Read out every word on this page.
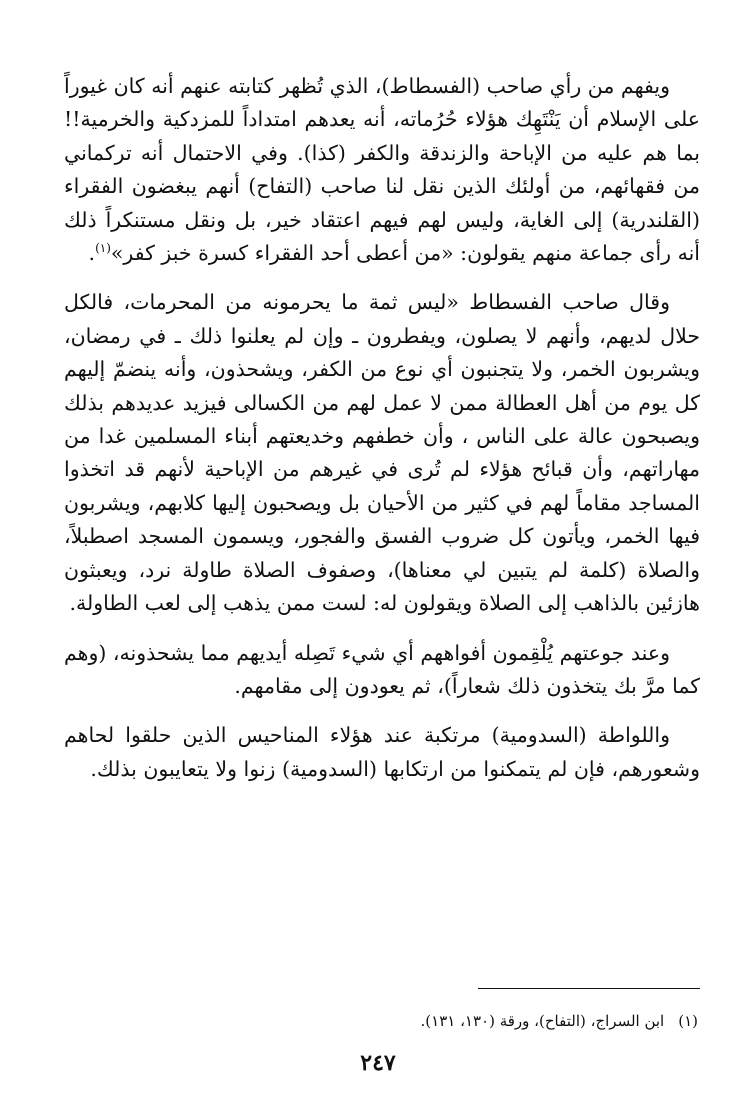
ويفهم من رأي صاحب (الفسطاط)، الذي تُظهر كتابته عنهم أنه كان غيوراً على الإسلام أن يَنْتَهِك هؤلاء حُرُماته، أنه يعدهم امتداداً للمزدكية والخرمية!! بما هم عليه من الإباحة والزندقة والكفر (كذا). وفي الاحتمال أنه تركماني من فقهائهم، من أولئك الذين نقل لنا صاحب (التفاح) أنهم يبغضون الفقراء (القلندرية) إلى الغاية، وليس لهم فيهم اعتقاد خير، بل ونقل مستنكراً ذلك أنه رأى جماعة منهم يقولون: «من أعطى أحد الفقراء كسرة خبز كفر»$^{(١)}$.

وقال صاحب الفسطاط «ليس ثمة ما يحرمونه من المحرمات، فالكل حلال لديهم، وأنهم لا يصلون، ويفطرون ـ وإن لم يعلنوا ذلك ـ في رمضان، ويشربون الخمر، ولا يتجنبون أي نوع من الكفر، ويشحذون، وأنه ينضمّ إليهم كل يوم من أهل العطالة ممن لا عمل لهم من الكسالى فيزيد عديدهم بذلك ويصبحون عالة على الناس ، وأن خطفهم وخديعتهم أبناء المسلمين غدا من مهاراتهم، وأن قبائح هؤلاء لم تُرى في غيرهم من الإباحية لأنهم قد اتخذوا المساجد مقاماً لهم في كثير من الأحيان بل ويصحبون إليها كلابهم، ويشربون فيها الخمر، ويأتون كل ضروب الفسق والفجور، ويسمون المسجد اصطبلاً، والصلاة (كلمة لم يتبين لي معناها)، وصفوف الصلاة طاولة نرد، ويعبثون هازئين بالذاهب إلى الصلاة ويقولون له: لست ممن يذهب إلى لعب الطاولة.

وعند جوعتهم يُلْقِمون أفواههم أي شيء تَصِله أيديهم مما يشحذونه، (وهم كما مرَّ بك يتخذون ذلك شعاراً)، ثم يعودون إلى مقامهم.

واللواطة (السدومية) مرتكبة عند هؤلاء المناحيس الذين حلقوا لحاهم وشعورهم، فإن لم يتمكنوا من ارتكابها (السدومية) زنوا ولا يتعايبون بذلك.

(١)ابن السراج، (التفاح)، ورقة (١٣٠، ١٣١).
٢٤٧
